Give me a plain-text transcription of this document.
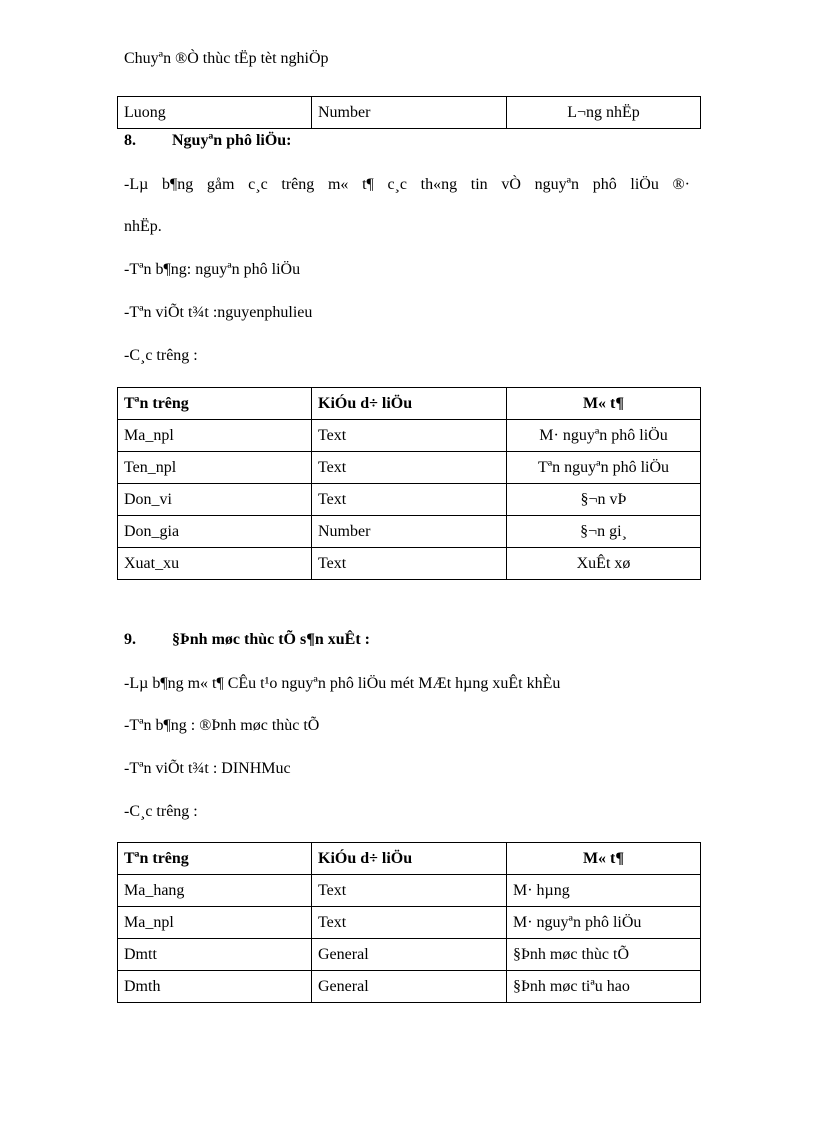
Chuyªn ®Ò thùc tËp tèt nghiÖp
Luong	Number	L¬ng nhËp
8. Nguyªn phô liÖu:
-Lµ b¶ng gåm c¸c trêng m« t¶ c¸c th«ng tin vÒ nguyªn phô liÖu ®·
nhËp.
-Tªn b¶ng: nguyªn phô liÖu
-Tªn viÕt t¾t :nguyenphulieu
-C¸c trêng :
Tªn trêng	KiÓu d÷ liÖu	M« t¶
Ma_npl	Text	M· nguyªn phô liÖu
Ten_npl	Text	Tªn nguyªn phô liÖu
Don_vi	Text	§¬n vÞ
Don_gia	Number	§¬n gi¸
Xuat_xu	Text	XuÊt xø
9. §Þnh møc thùc tÕ s¶n xuÊt :
-Lµ b¶ng m« t¶ CÊu t¹o nguyªn phô liÖu mét MÆt hµng xuÊt khÈu
-Tªn b¶ng : ®Þnh møc thùc tÕ
-Tªn viÕt t¾t : DINHMuc
-C¸c trêng :
Tªn trêng	KiÓu d÷ liÖu	M« t¶
Ma_hang	Text	M· hµng
Ma_npl	Text	M· nguyªn phô liÖu
Dmtt	General	§Þnh møc thùc tÕ
Dmth	General	§Þnh møc tiªu hao
